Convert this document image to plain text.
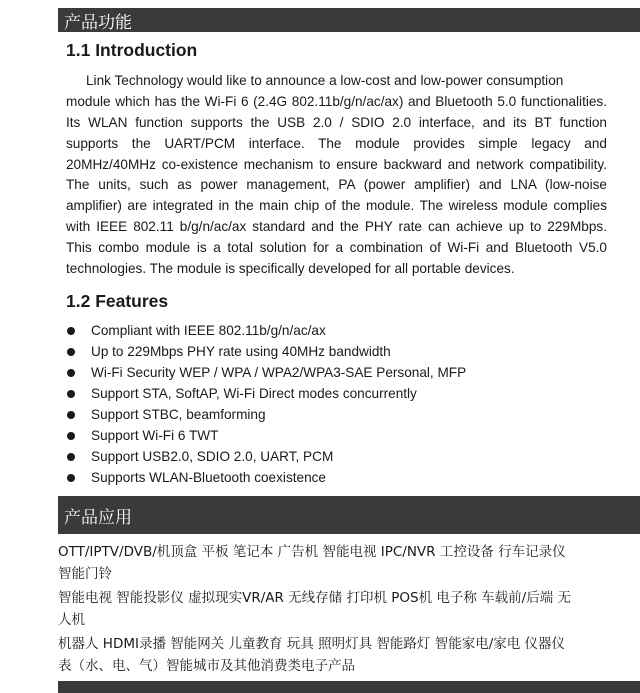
产品功能
1.1 Introduction
Link Technology would like to announce a low-cost and low-power consumption
module which has the Wi-Fi 6 (2.4G 802.11b/g/n/ac/ax) and Bluetooth 5.0 functionalities.
Its WLAN function supports the USB 2.0 / SDIO 2.0 interface, and its BT function
supports the UART/PCM interface. The module provides simple legacy and
20MHz/40MHz co-existence mechanism to ensure backward and network compatibility.
The units, such as power management, PA (power amplifier) and LNA (low-noise
amplifier) are integrated in the main chip of the module. The wireless module complies
with IEEE 802.11 b/g/n/ac/ax standard and the PHY rate can achieve up to 229Mbps.
This combo module is a total solution for a combination of Wi-Fi and Bluetooth V5.0
technologies. The module is specifically developed for all portable devices.
1.2 Features
Compliant with IEEE 802.11b/g/n/ac/ax
Up to 229Mbps PHY rate using 40MHz bandwidth
Wi-Fi Security WEP / WPA / WPA2/WPA3-SAE Personal, MFP
Support STA, SoftAP, Wi-Fi Direct modes concurrently
Support STBC, beamforming
Support Wi-Fi 6 TWT
Support USB2.0, SDIO 2.0, UART, PCM
Supports WLAN-Bluetooth coexistence
产品应用

OTT/IPTV/DVB/机顶盒 平板 笔记本 广告机 智能电视 IPC/NVR 工控设备 行车记录仪
智能门铃

智能电视 智能投影仪 虚拟现实VR/AR 无线存储 打印机 POS机 电子称 车载前/后端 无
人机

机器人 HDMI录播 智能网关 儿童教育 玩具 照明灯具 智能路灯 智能家电/家电 仪器仪
表（水、电、气）智能城市及其他消费类电子产品
